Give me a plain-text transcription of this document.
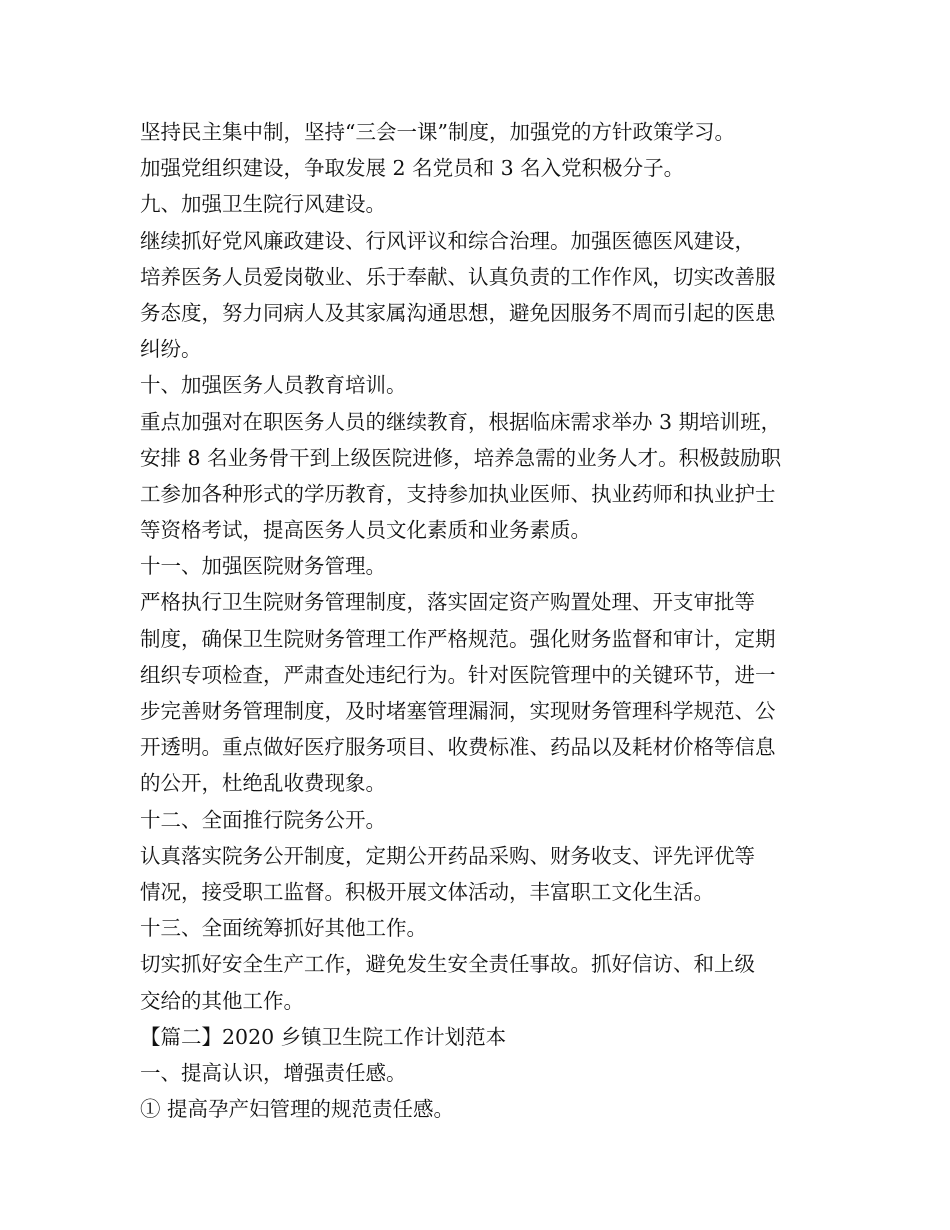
坚持民主集中制，坚持“三会一课”制度，加强党的方针政策学习。
加强党组织建设，争取发展 2 名党员和 3 名入党积极分子。
九、加强卫生院行风建设。
继续抓好党风廉政建设、行风评议和综合治理。加强医德医风建设，
培养医务人员爱岗敬业、乐于奉献、认真负责的工作作风，切实改善服
务态度，努力同病人及其家属沟通思想，避免因服务不周而引起的医患
纠纷。
十、加强医务人员教育培训。
重点加强对在职医务人员的继续教育，根据临床需求举办 3 期培训班，
安排 8 名业务骨干到上级医院进修，培养急需的业务人才。积极鼓励职
工参加各种形式的学历教育，支持参加执业医师、执业药师和执业护士
等资格考试，提高医务人员文化素质和业务素质。
十一、加强医院财务管理。
严格执行卫生院财务管理制度，落实固定资产购置处理、开支审批等
制度，确保卫生院财务管理工作严格规范。强化财务监督和审计，定期
组织专项检查，严肃查处违纪行为。针对医院管理中的关键环节，进一
步完善财务管理制度，及时堵塞管理漏洞，实现财务管理科学规范、公
开透明。重点做好医疗服务项目、收费标准、药品以及耗材价格等信息
的公开，杜绝乱收费现象。
十二、全面推行院务公开。
认真落实院务公开制度，定期公开药品采购、财务收支、评先评优等
情况，接受职工监督。积极开展文体活动，丰富职工文化生活。
十三、全面统筹抓好其他工作。
切实抓好安全生产工作，避免发生安全责任事故。抓好信访、和上级
交给的其他工作。
【篇二】2020 乡镇卫生院工作计划范本
一、提高认识，增强责任感。
① 提高孕产妇管理的规范责任感。
